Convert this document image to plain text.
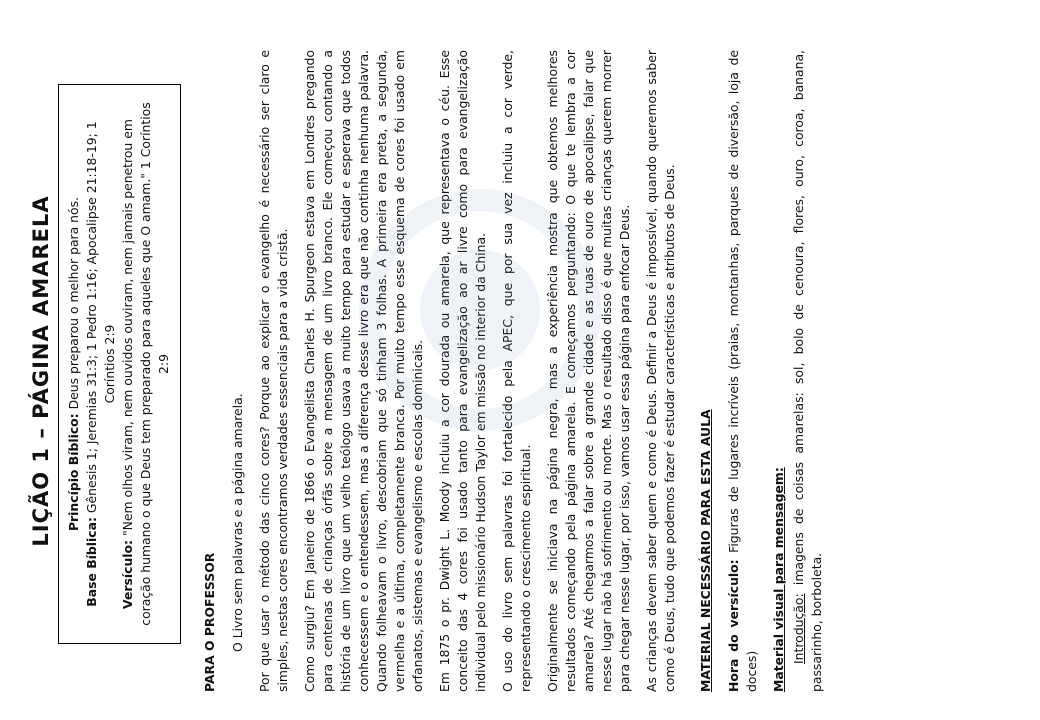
LIÇÃO 1 – PÁGINA AMARELA Princípio Bíblico: Deus preparou o melhor para nós.
Base Bíblica: Gênesis 1; Jeremias 31:3; 1 Pedro 1:16; Apocalipse 21:18-19; 1 Coríntios 2:9
Versículo: "Nem olhos viram, nem ouvidos ouviram, nem jamais penetrou em coração humano o que Deus tem preparado para aqueles que O amam." 1 Coríntios 2:9
PARA O PROFESSOR O Livro sem palavras e a página amarela. Por que usar o método das cinco cores? Porque ao explicar o evangelho é necessário ser claro e simples, nestas cores encontramos verdades essenciais para a vida cristã. Como surgiu? Em Janeiro de 1866 o Evangelista Charles H. Spurgeon estava em Londres pregando para centenas de crianças órfãs sobre a mensagem de um livro branco. Ele começou contando a história de um livro que um velho teólogo usava a muito tempo para estudar e esperava que todos conhecessem e o entendessem, mas a diferença desse livro era que não continha nenhuma palavra. Quando folheavam o livro, descobriam que só tinham 3 folhas. A primeira era preta, a segunda, vermelha e a última, completamente branca. Por muito tempo esse esquema de cores foi usado em orfanatos, sistemas e evangelismo e escolas dominicais. Em 1875 o pr. Dwight L. Moody incluiu a cor dourada ou amarela, que representava o céu. Esse conceito das 4 cores foi usado tanto para evangelização ao ar livre como para evangelização individual pelo missionário Hudson Taylor em missão no interior da China. O uso do livro sem palavras foi fortalecido pela APEC, que por sua vez incluiu a cor verde, representando o crescimento espiritual. Originalmente se iniciava na página negra, mas a experiência mostra que obtemos melhores resultados começando pela página amarela. E começamos perguntando: O que te lembra a cor amarela? Até chegarmos a falar sobre a grande cidade e as ruas de ouro de apocalipse, falar que nesse lugar não há sofrimento ou morte. Mas o resultado disso é que muitas crianças querem morrer para chegar nesse lugar, por isso, vamos usar essa página para enfocar Deus. As crianças devem saber quem e como é Deus. Definir a Deus é impossível, quando queremos saber como é Deus, tudo que podemos fazer é estudar características e atributos de Deus. MATERIAL NECESSÁRIO PARA ESTA AULA Hora do versículo: Figuras de lugares incríveis (praias, montanhas, parques de diversão, loja de doces) Material visual para mensagem: Introdução: imagens de coisas amarelas: sol, bolo de cenoura, flores, ouro, coroa, banana, passarinho, borboleta.
